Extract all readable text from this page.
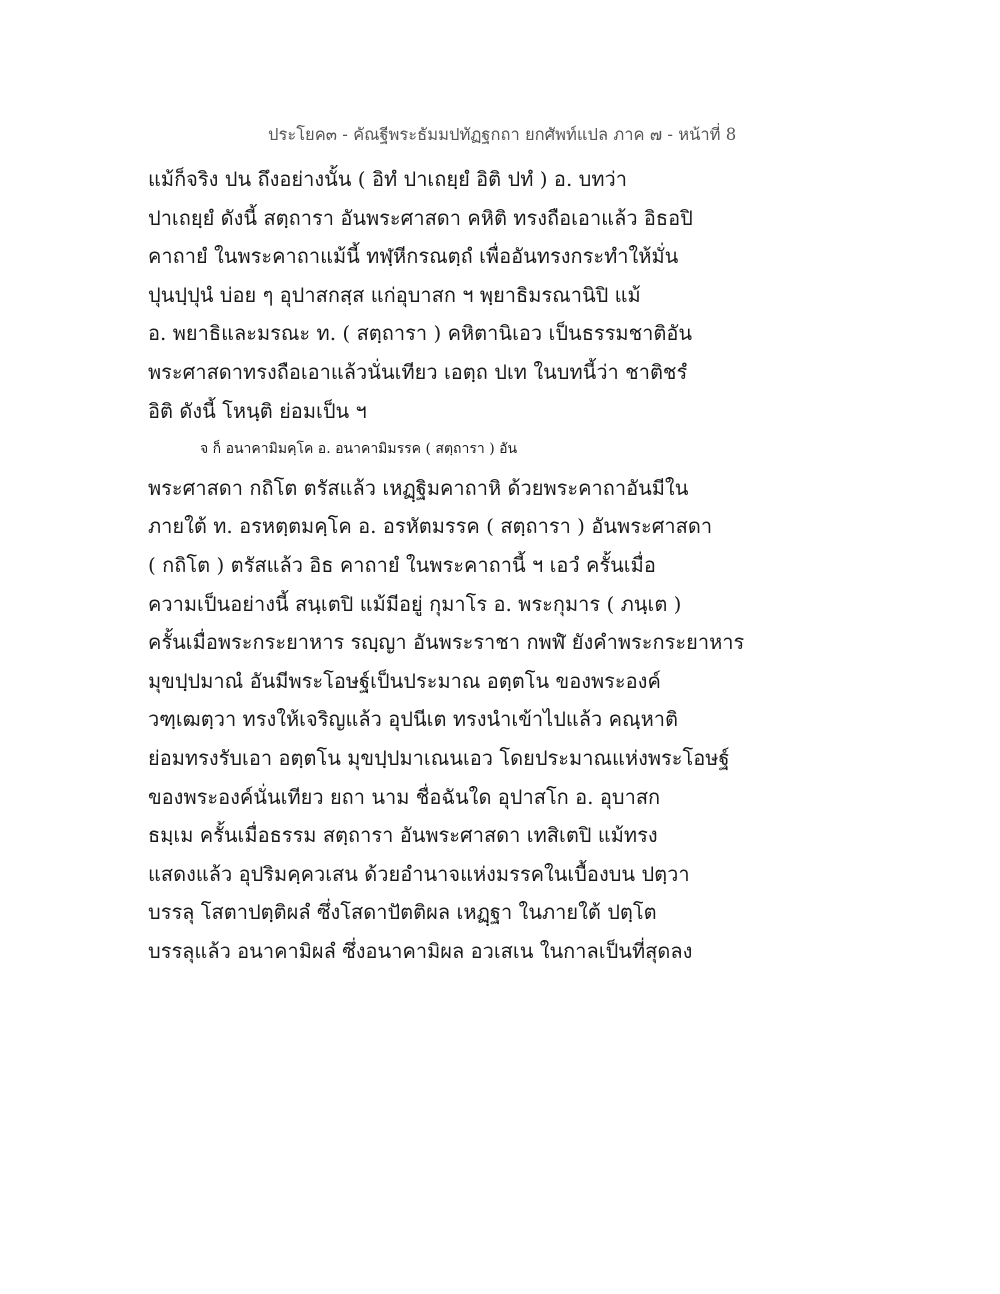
ประโยค๓ - คัณฐีพระธัมมปทัฏฐกถา ยกศัพท์แปล ภาค ๗ - หน้าที่ 8
แม้ก็จริง ปน ถึงอย่างนั้น ( อิทํ ปาเถยฺยํ อิติ ปทํ ) อ. บทว่า
ปาเถยฺยํ ดังนี้ สตฺถารา อันพระศาสดา คหิติ ทรงถือเอาแล้ว อิธอปิ
คาถายํ ในพระคาถาแม้นี้ ทฬฺหีกรณตฺถํ เพื่ออันทรงกระทำให้มั่น
ปุนปฺปุนํ บ่อย ๆ อุปาสกสฺส แก่อุบาสก ฯ พฺยาธิมรณานิปิ แม้
อ. พยาธิและมรณะ ท. ( สตฺถารา ) คหิตานิเอว เป็นธรรมชาติอัน
พระศาสดาทรงถือเอาแล้วนั่นเทียว เอตฺถ ปเท ในบทนี้ว่า ชาติชรํ
อิติ ดังนี้ โหนฺติ ย่อมเป็น ฯ
จ ก็ อนาคามิมคฺโค อ. อนาคามิมรรค ( สตฺถารา ) อัน
พระศาสดา กถิโต ตรัสแล้ว เหฏฺฐิมคาถาหิ ด้วยพระคาถาอันมีใน
ภายใต้ ท. อรหตฺตมคฺโค อ. อรหัตมรรค ( สตฺถารา ) อันพระศาสดา
( กถิโต ) ตรัสแล้ว อิธ คาถายํ ในพระคาถานี้ ฯ เอวํ ครั้นเมื่อ
ความเป็นอย่างนี้ สนฺเตปิ แม้มีอยู่ กุมาโร อ. พระกุมาร ( ภนฺเต )
ครั้นเมื่อพระกระยาหาร รญฺญา อันพระราชา กพฬํ ยังคำพระกระยาหาร
มุขปฺปมาณํ อันมีพระโอษฐ์เป็นประมาณ อตฺตโน ของพระองค์
วฑฺเฒตฺวา ทรงให้เจริญแล้ว อุปนีเต ทรงนำเข้าไปแล้ว คณฺหาติ
ย่อมทรงรับเอา อตฺตโน มุขปฺปมาเณนเอว โดยประมาณแห่งพระโอษฐ์
ของพระองค์นั่นเทียว ยถา นาม ชื่อฉันใด อุปาสโก อ. อุบาสก
ธมฺเม ครั้นเมื่อธรรม สตฺถารา อันพระศาสดา เทสิเตปิ แม้ทรง
แสดงแล้ว อุปริมคฺควเสน ด้วยอำนาจแห่งมรรคในเบื้องบน ปตฺวา
บรรลุ โสตาปตฺติผลํ ซึ่งโสดาปัตติผล เหฏฺฐา ในภายใต้ ปตฺโต
บรรลุแล้ว อนาคามิผลํ ซึ่งอนาคามิผล อวเสเน ในกาลเป็นที่สุดลง
